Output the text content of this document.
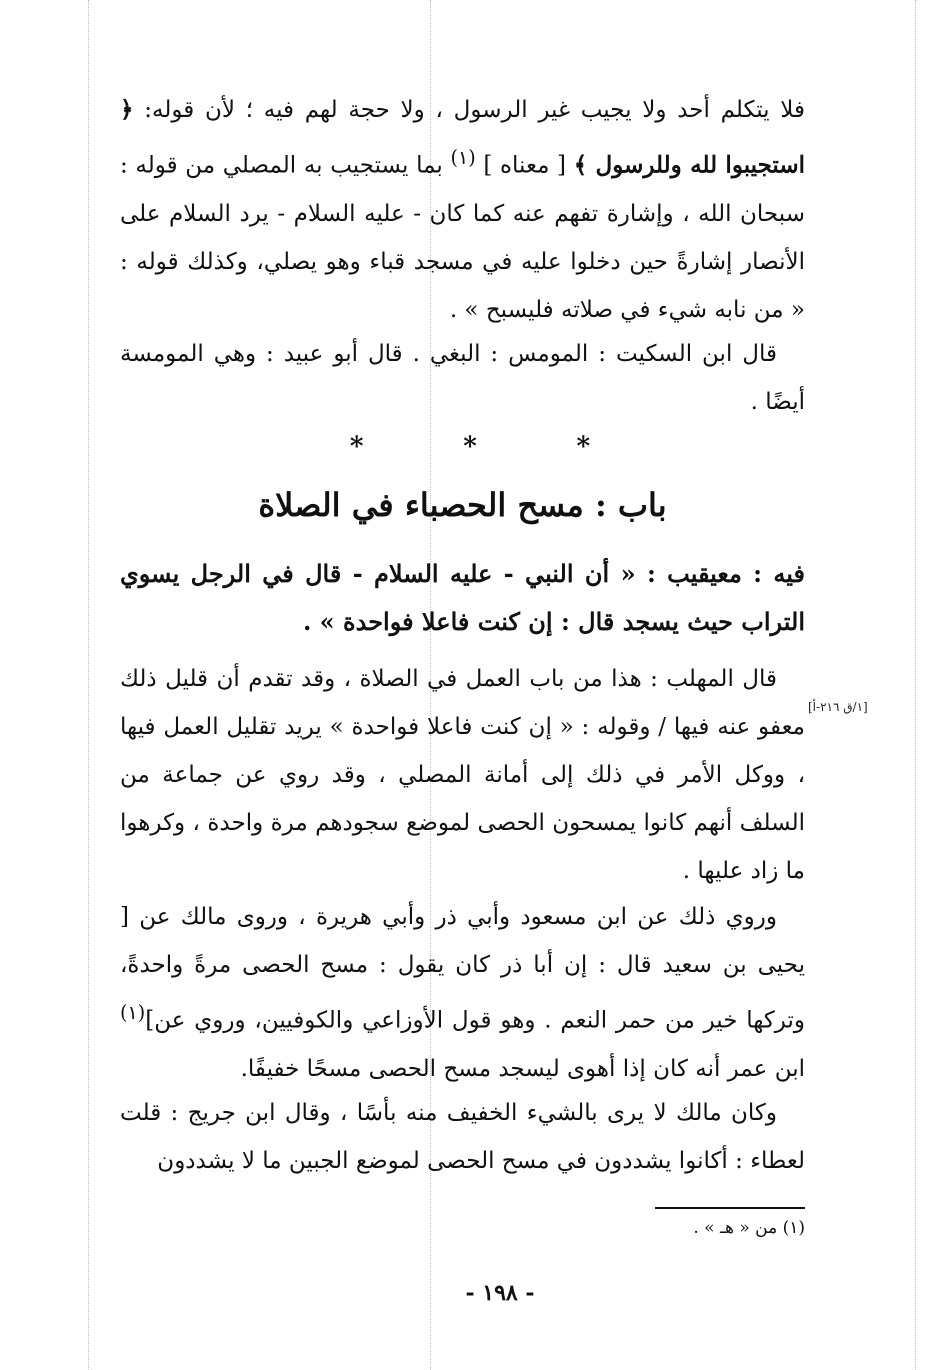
فلا يتكلم أحد ولا يجيب غير الرسول ، ولا حجة لهم فيه ؛ لأن قوله: ﴿ استجيبوا لله وللرسول ﴾ [ معناه ] $^{(١)}$ بما يستجيب به المصلي من قوله : سبحان الله ، وإشارة تفهم عنه كما كان - عليه السلام - يرد السلام على الأنصار إشارةً حين دخلوا عليه في مسجد قباء وهو يصلي، وكذلك قوله : « من نابه شيء في صلاته فليسبح » .

قال ابن السكيت : المومس : البغي . قال أبو عبيد : وهي المومسة أيضًا .

*	*	*
باب : مسح الحصباء في الصلاة

فيه : معيقيب : « أن النبي - عليه السلام - قال في الرجل يسوي التراب حيث يسجد قال : إن كنت فاعلا فواحدة » .

قال المهلب : هذا من باب العمل في الصلاة ، وقد تقدم أن قليل ذلك معفو عنه فيها / وقوله : « إن كنت فاعلا فواحدة » يريد تقليل العمل فيها ، ووكل الأمر في ذلك إلى أمانة المصلي ، وقد روي عن جماعة من السلف أنهم كانوا يمسحون الحصى لموضع سجودهم مرة واحدة ، وكرهوا ما زاد عليها .

[١/ق ٢١٦-أ]

وروي ذلك عن ابن مسعود وأبي ذر وأبي هريرة ، وروى مالك عن [ يحيى بن سعيد قال : إن أبا ذر كان يقول : مسح الحصى مرةً واحدةً، وتركها خير من حمر النعم . وهو قول الأوزاعي والكوفيين، وروي عن]$^{(١)}$ ابن عمر أنه كان إذا أهوى ليسجد مسح الحصى مسحًا خفيفًا.

وكان مالك لا يرى بالشيء الخفيف منه بأسًا ، وقال ابن جريج : قلت لعطاء : أكانوا يشددون في مسح الحصى لموضع الجبين ما لا يشددون

(١) من « هـ » .
- ١٩٨ -
